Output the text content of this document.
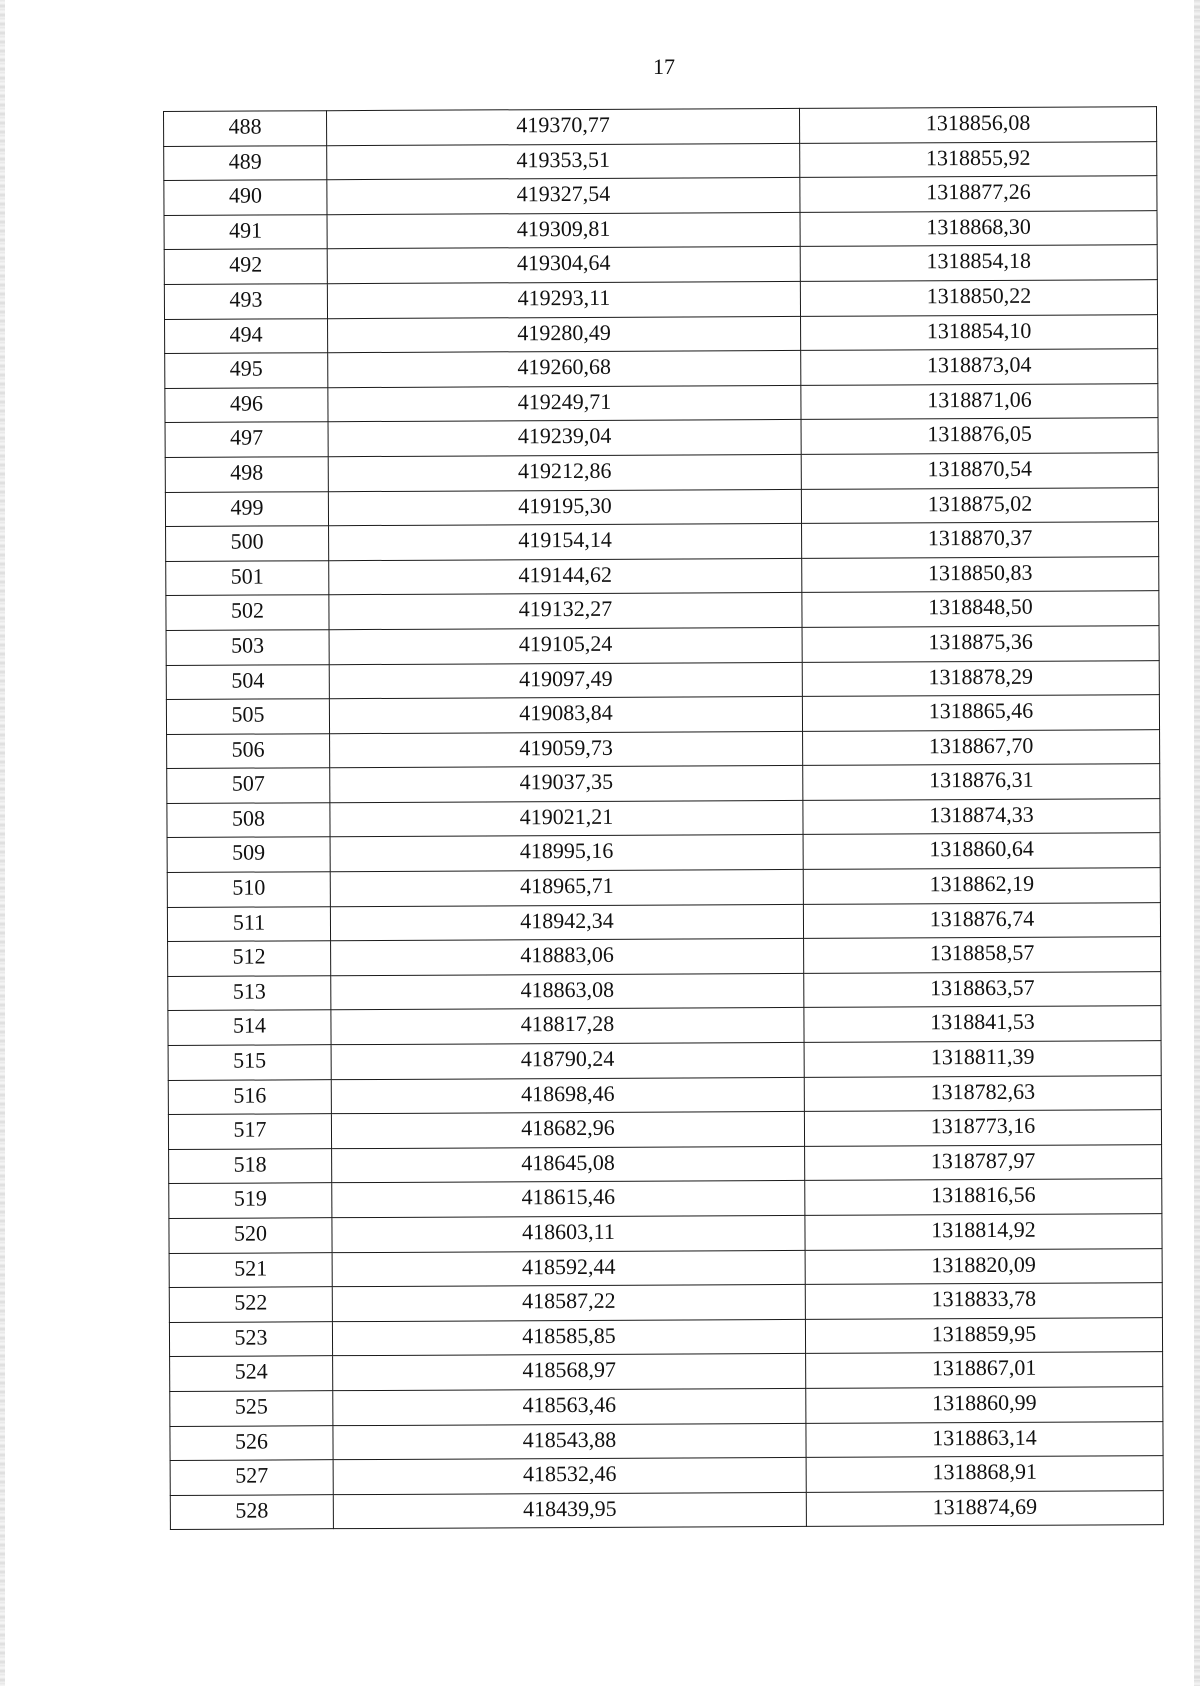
17
488	419370,77	1318856,08
489	419353,51	1318855,92
490	419327,54	1318877,26
491	419309,81	1318868,30
492	419304,64	1318854,18
493	419293,11	1318850,22
494	419280,49	1318854,10
495	419260,68	1318873,04
496	419249,71	1318871,06
497	419239,04	1318876,05
498	419212,86	1318870,54
499	419195,30	1318875,02
500	419154,14	1318870,37
501	419144,62	1318850,83
502	419132,27	1318848,50
503	419105,24	1318875,36
504	419097,49	1318878,29
505	419083,84	1318865,46
506	419059,73	1318867,70
507	419037,35	1318876,31
508	419021,21	1318874,33
509	418995,16	1318860,64
510	418965,71	1318862,19
511	418942,34	1318876,74
512	418883,06	1318858,57
513	418863,08	1318863,57
514	418817,28	1318841,53
515	418790,24	1318811,39
516	418698,46	1318782,63
517	418682,96	1318773,16
518	418645,08	1318787,97
519	418615,46	1318816,56
520	418603,11	1318814,92
521	418592,44	1318820,09
522	418587,22	1318833,78
523	418585,85	1318859,95
524	418568,97	1318867,01
525	418563,46	1318860,99
526	418543,88	1318863,14
527	418532,46	1318868,91
528	418439,95	1318874,69
